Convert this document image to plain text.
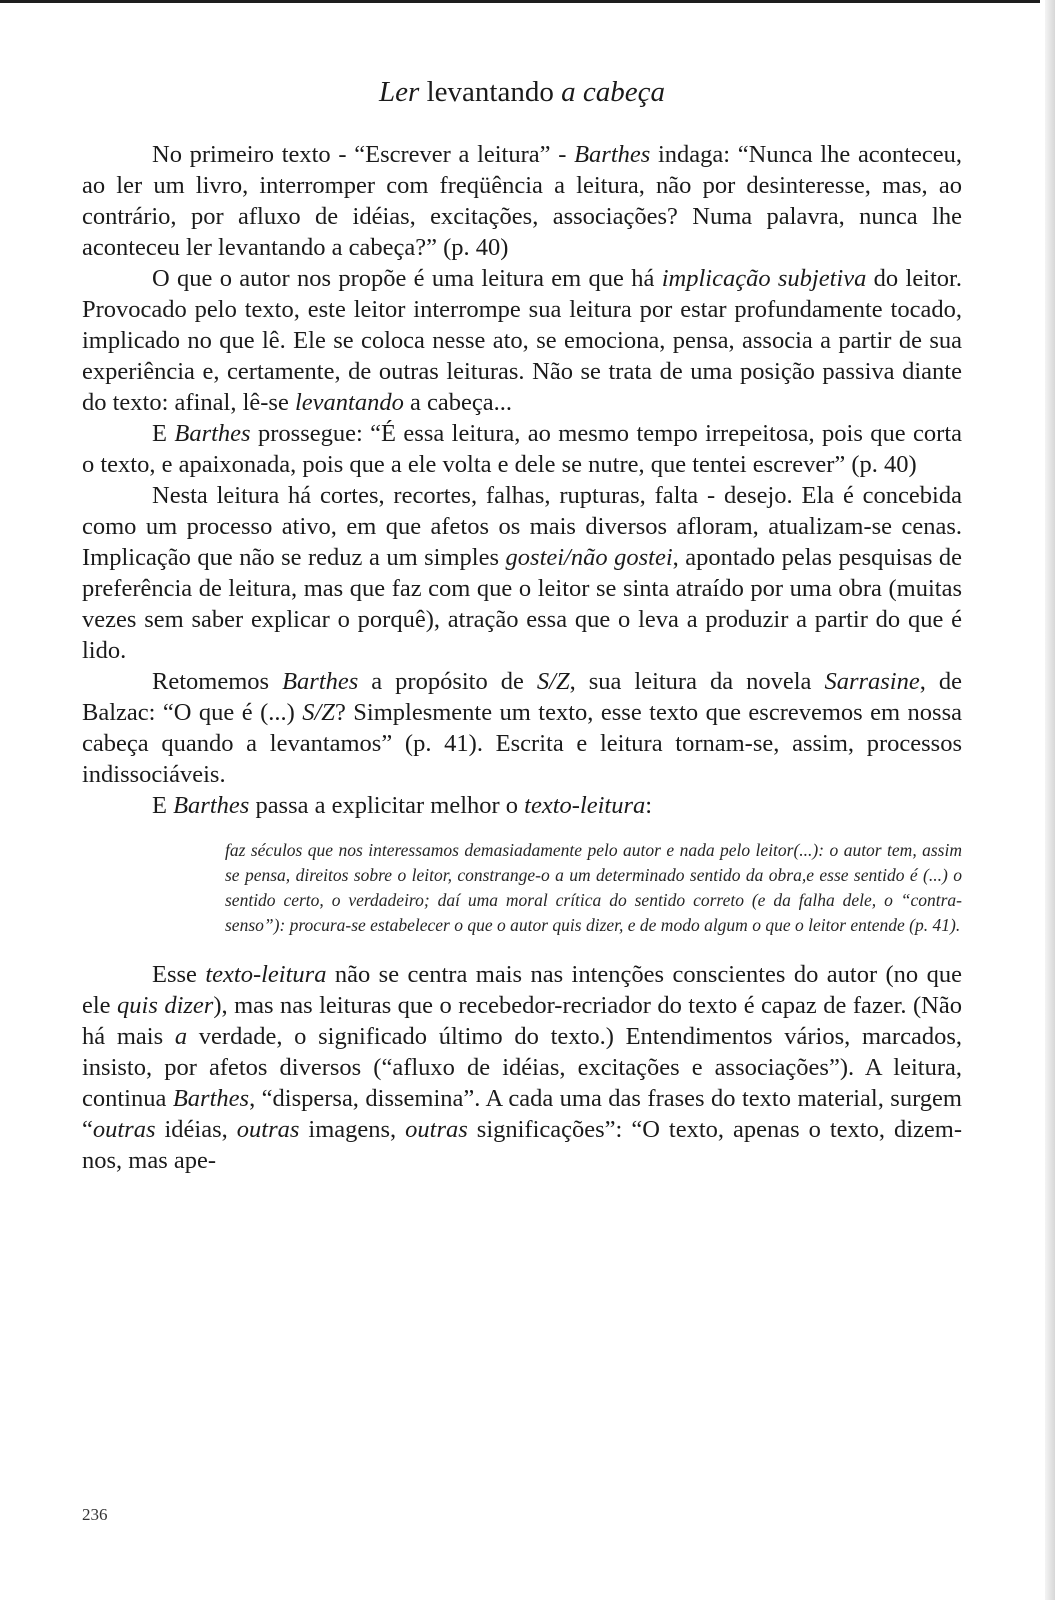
Ler levantando a cabeça

No primeiro texto - “Escrever a leitura” - Barthes indaga: “Nunca lhe aconteceu, ao ler um livro, interromper com freqüência a leitura, não por desinteresse, mas, ao contrário, por afluxo de idéias, excitações, associações? Numa palavra, nunca lhe aconteceu ler levantando a cabeça?” (p. 40)

O que o autor nos propõe é uma leitura em que há implicação subjetiva do leitor. Provocado pelo texto, este leitor interrompe sua leitura por estar profundamente tocado, implicado no que lê. Ele se coloca nesse ato, se emociona, pensa, associa a partir de sua experiência e, certamente, de outras leituras. Não se trata de uma posição passiva diante do texto: afinal, lê-se levantando a cabeça...

E Barthes prossegue: “É essa leitura, ao mesmo tempo irrepeitosa, pois que corta o texto, e apaixonada, pois que a ele volta e dele se nutre, que tentei escrever” (p. 40)

Nesta leitura há cortes, recortes, falhas, rupturas, falta - desejo. Ela é concebida como um processo ativo, em que afetos os mais diversos afloram, atualizam-se cenas. Implicação que não se reduz a um simples gostei/não gostei, apontado pelas pesquisas de preferência de leitura, mas que faz com que o leitor se sinta atraído por uma obra (muitas vezes sem saber explicar o porquê), atração essa que o leva a produzir a partir do que é lido.

Retomemos Barthes a propósito de S/Z, sua leitura da novela Sarrasine, de Balzac: “O que é (...) S/Z? Simplesmente um texto, esse texto que escrevemos em nossa cabeça quando a levantamos” (p. 41). Escrita e leitura tornam-se, assim, processos indissociáveis.

E Barthes passa a explicitar melhor o texto-leitura:

faz séculos que nos interessamos demasiadamente pelo autor e nada pelo leitor(...): o autor tem, assim se pensa, direitos sobre o leitor, constrange-o a um determinado sentido da obra,e esse sentido é (...) o sentido certo, o verdadeiro; daí uma moral crítica do sentido correto (e da falha dele, o “contra-senso”): procura-se estabelecer o que o autor quis dizer, e de modo algum o que o leitor entende (p. 41).

Esse texto-leitura não se centra mais nas intenções conscientes do autor (no que ele quis dizer), mas nas leituras que o recebedor-recriador do texto é capaz de fazer. (Não há mais a verdade, o significado último do texto.) Entendimentos vários, marcados, insisto, por afetos diversos (“afluxo de idéias, excitações e associações”). A leitura, continua Barthes, “dispersa, dissemina”. A cada uma das frases do texto material, surgem “outras idéias, outras imagens, outras significações”: “O texto, apenas o texto, dizem-nos, mas ape-

236
